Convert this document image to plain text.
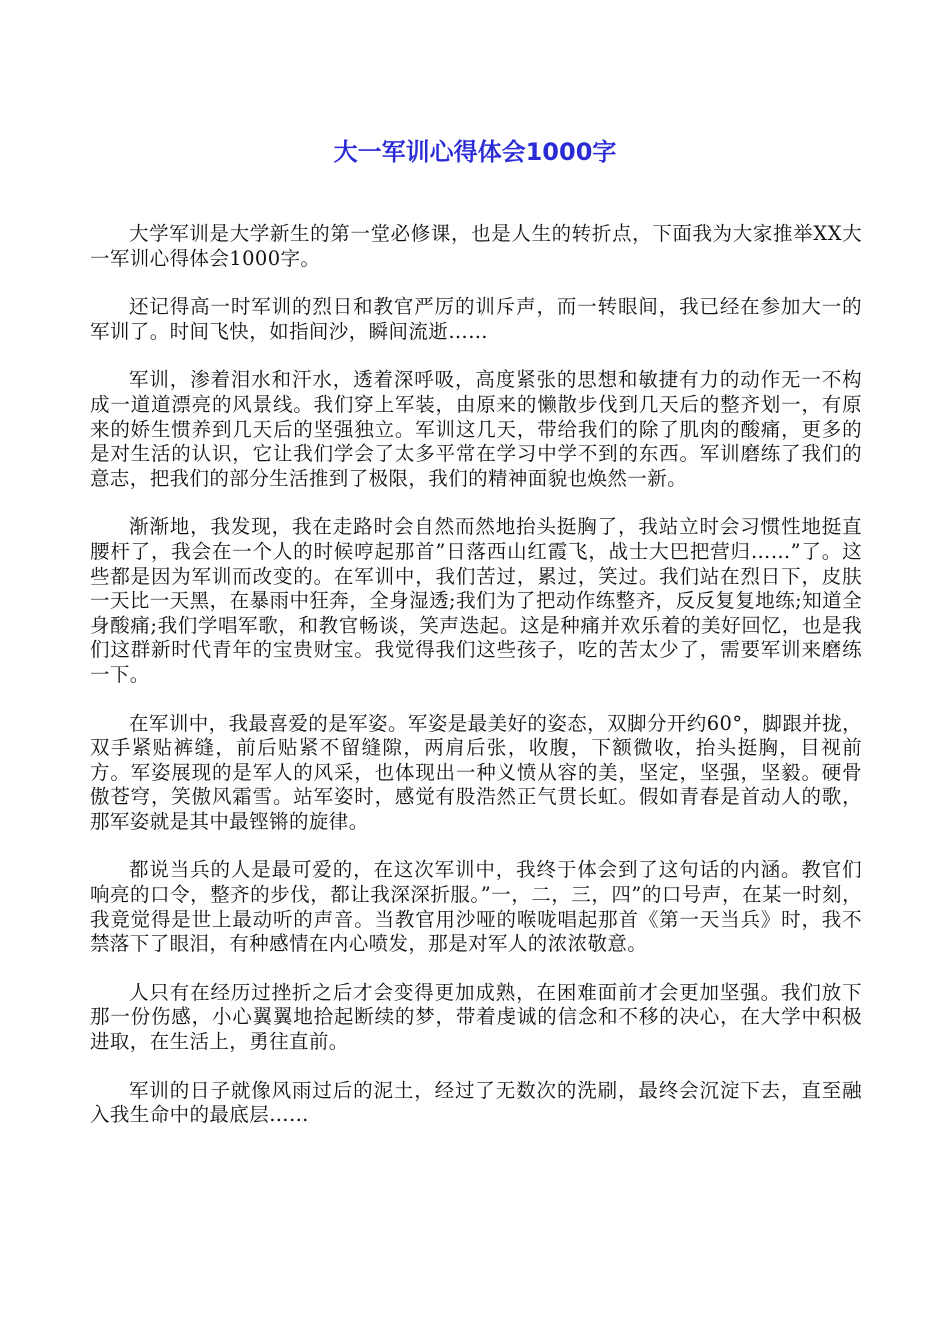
大一军训心得体会1000字

大学军训是大学新生的第一堂必修课，也是人生的转折点，下面我为大家推举XX大一军训心得体会1000字。

还记得高一时军训的烈日和教官严厉的训斥声，而一转眼间，我已经在参加大一的军训了。时间飞快，如指间沙，瞬间流逝……

军训，渗着泪水和汗水，透着深呼吸，高度紧张的思想和敏捷有力的动作无一不构成一道道漂亮的风景线。我们穿上军装，由原来的懒散步伐到几天后的整齐划一，有原来的娇生惯养到几天后的坚强独立。军训这几天，带给我们的除了肌肉的酸痛，更多的是对生活的认识，它让我们学会了太多平常在学习中学不到的东西。军训磨练了我们的意志，把我们的部分生活推到了极限，我们的精神面貌也焕然一新。

渐渐地，我发现，我在走路时会自然而然地抬头挺胸了，我站立时会习惯性地挺直腰杆了，我会在一个人的时候哼起那首”日落西山红霞飞，战士大巴把营归……”了。这些都是因为军训而改变的。在军训中，我们苦过，累过，笑过。我们站在烈日下，皮肤一天比一天黑，在暴雨中狂奔，全身湿透;我们为了把动作练整齐，反反复复地练;知道全身酸痛;我们学唱军歌，和教官畅谈，笑声迭起。这是种痛并欢乐着的美好回忆，也是我们这群新时代青年的宝贵财宝。我觉得我们这些孩子，吃的苦太少了，需要军训来磨练一下。

在军训中，我最喜爱的是军姿。军姿是最美好的姿态，双脚分开约60°，脚跟并拢，双手紧贴裤缝，前后贴紧不留缝隙，两肩后张，收腹，下额微收，抬头挺胸，目视前方。军姿展现的是军人的风采，也体现出一种义愤从容的美，坚定，坚强，坚毅。硬骨傲苍穹，笑傲风霜雪。站军姿时，感觉有股浩然正气贯长虹。假如青春是首动人的歌，那军姿就是其中最铿锵的旋律。

都说当兵的人是最可爱的，在这次军训中，我终于体会到了这句话的内涵。教官们响亮的口令，整齐的步伐，都让我深深折服。”一，二，三，四”的口号声，在某一时刻，我竟觉得是世上最动听的声音。当教官用沙哑的喉咙唱起那首《第一天当兵》时，我不禁落下了眼泪，有种感情在内心喷发，那是对军人的浓浓敬意。

人只有在经历过挫折之后才会变得更加成熟，在困难面前才会更加坚强。我们放下那一份伤感，小心翼翼地拾起断续的梦，带着虔诚的信念和不移的决心，在大学中积极进取，在生活上，勇往直前。

军训的日子就像风雨过后的泥土，经过了无数次的洗刷，最终会沉淀下去，直至融入我生命中的最底层……
